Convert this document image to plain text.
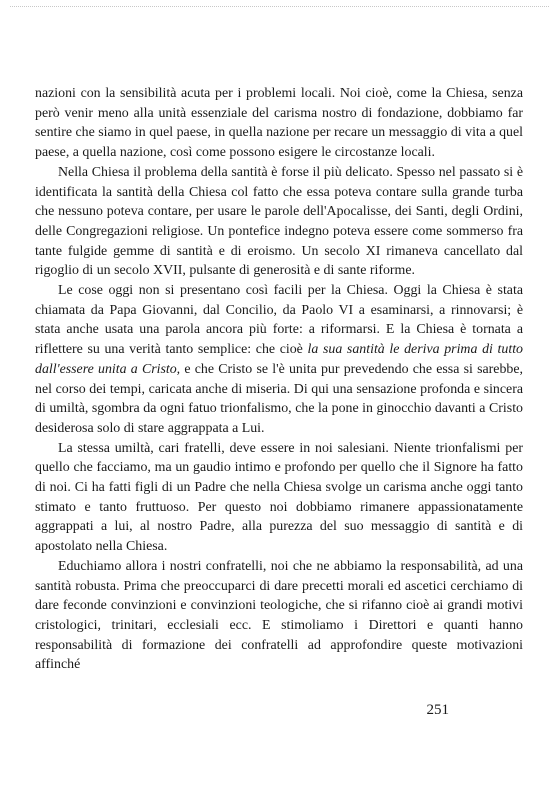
nazioni con la sensibilità acuta per i problemi locali. Noi cioè, come la Chiesa, senza però venir meno alla unità essenziale del carisma nostro di fondazione, dobbiamo far sentire che siamo in quel paese, in quella nazione per recare un messaggio di vita a quel paese, a quella nazione, così come possono esigere le circostanze locali.

Nella Chiesa il problema della santità è forse il più delicato. Spesso nel passato si è identificata la santità della Chiesa col fatto che essa poteva contare sulla grande turba che nessuno poteva contare, per usare le parole dell'Apocalisse, dei Santi, degli Ordini, delle Congregazioni religiose. Un pontefice indegno poteva essere come sommerso fra tante fulgide gemme di santità e di eroismo. Un secolo XI rimaneva cancellato dal rigoglio di un secolo XVII, pulsante di generosità e di sante riforme.

Le cose oggi non si presentano così facili per la Chiesa. Oggi la Chiesa è stata chiamata da Papa Giovanni, dal Concilio, da Paolo VI a esaminarsi, a rinnovarsi; è stata anche usata una parola ancora più forte: a riformarsi. E la Chiesa è tornata a riflettere su una verità tanto semplice: che cioè la sua santità le deriva prima di tutto dall'essere unita a Cristo, e che Cristo se l'è unita pur prevedendo che essa si sarebbe, nel corso dei tempi, caricata anche di miseria. Di qui una sensazione profonda e sincera di umiltà, sgombra da ogni fatuo trionfalismo, che la pone in ginocchio davanti a Cristo desiderosa solo di stare aggrappata a Lui.

La stessa umiltà, cari fratelli, deve essere in noi salesiani. Niente trionfalismi per quello che facciamo, ma un gaudio intimo e profondo per quello che il Signore ha fatto di noi. Ci ha fatti figli di un Padre che nella Chiesa svolge un carisma anche oggi tanto stimato e tanto fruttuoso. Per questo noi dobbiamo rimanere appassionatamente aggrappati a lui, al nostro Padre, alla purezza del suo messaggio di santità e di apostolato nella Chiesa.

Educhiamo allora i nostri confratelli, noi che ne abbiamo la responsabilità, ad una santità robusta. Prima che preoccuparci di dare precetti morali ed ascetici cerchiamo di dare feconde convinzioni e convinzioni teologiche, che si rifanno cioè ai grandi motivi cristologici, trinitari, ecclesiali ecc. E stimoliamo i Direttori e quanti hanno responsabilità di formazione dei confratelli ad approfondire queste motivazioni affinché

251
